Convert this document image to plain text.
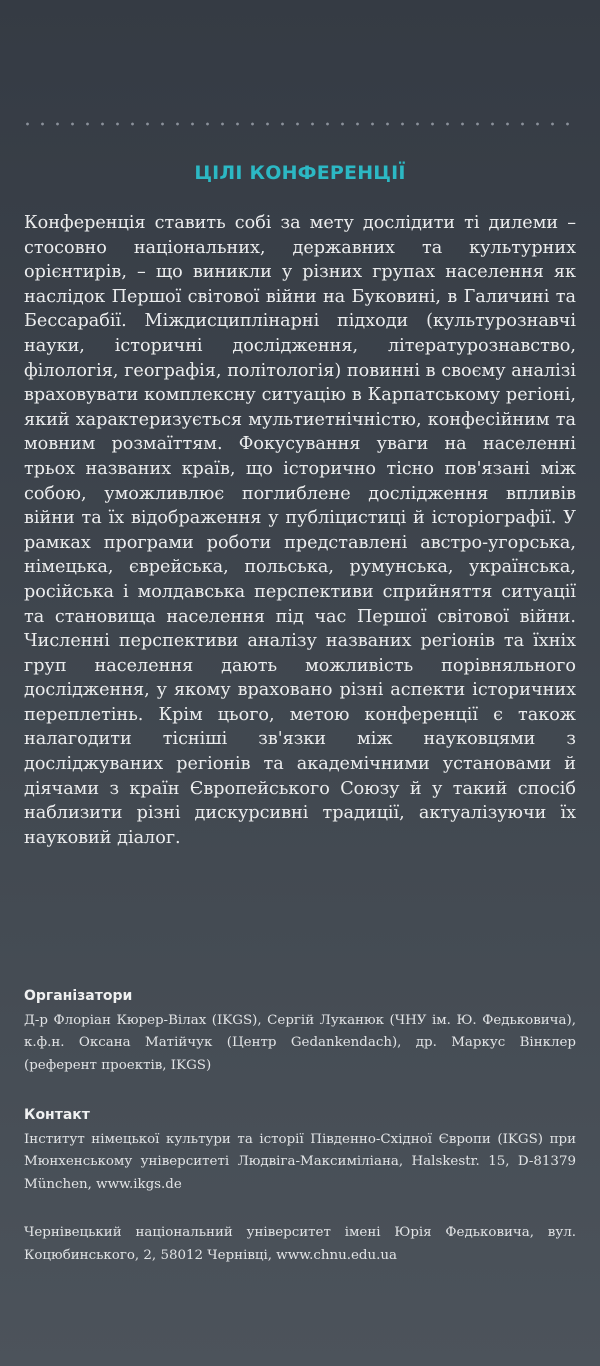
ЦІЛІ КОНФЕРЕНЦІЇ

Конференція ставить собі за мету дослідити ті дилеми – стосовно національних, державних та культурних орієнтирів, – що виникли у різних групах населення як наслідок Першої світової війни на Буковині, в Галичині та Бессарабії. Міждисциплінарні підходи (культурознавчі науки, історичні дослідження, літературознавство, філологія, географія, політологія) повинні в своєму аналізі враховувати комплексну ситуацію в Карпатському регіоні, який характеризується мультиетнічністю, конфесійним та мовним розмаїттям. Фокусування уваги на населенні трьох названих країв, що історично тісно пов'язані між собою, уможливлює поглиблене дослідження впливів війни та їх відображення у публіцистиці й історіографії. У рамках програми роботи представлені австро-угорська, німецька, єврейська, польська, румунська, українська, російська і молдавська перспективи сприйняття ситуації та становища населення під час Першої світової війни. Численні перспективи аналізу названих регіонів та їхніх груп населення дають можливість порівняльного дослідження, у якому враховано різні аспекти історичних переплетінь. Крім цього, метою конференції є також налагодити тісніші зв'язки між науковцями з досліджуваних регіонів та академічними установами й діячами з країн Європейського Союзу й у такий спосіб наблизити різні дискурсивні традиції, актуалізуючи їх науковий діалог.

Організатори

Д-р Флоріан Кюрер-Вілах (IKGS), Сергій Луканюк (ЧНУ ім. Ю. Федьковича), к.ф.н. Оксана Матійчук (Центр Gedankendach), др. Маркус Вінклер (референт проектів, IKGS)

Контакт

Інститут німецької культури та історії Південно-Східної Європи (IKGS) при Мюнхенському університеті Людвіга-Максиміліана, Halskestr. 15, D-81379 München, www.ikgs.de

Чернівецький національний університет імені Юрія Федьковича, вул. Коцюбинського, 2, 58012 Чернівці, www.chnu.edu.ua
